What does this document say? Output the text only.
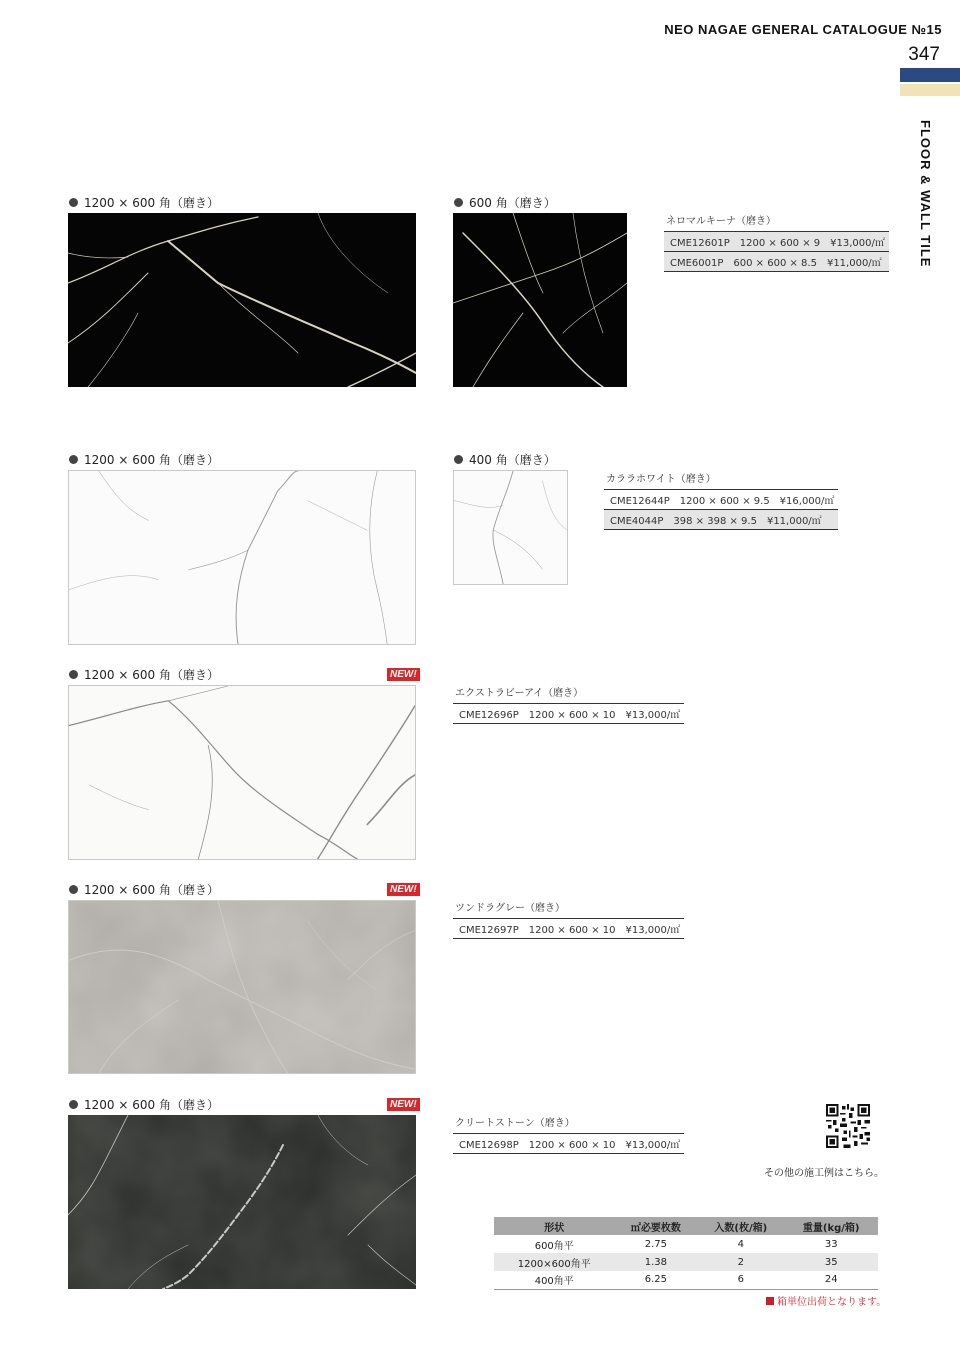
NEO NAGAE GENERAL CATALOGUE №15
347
FLOOR & WALL TILE
1200 × 600 角（磨き）	600 角（磨き）
ネロマルキーナ（磨き）
CME12601P　1200 × 600 × 9　¥13,000/㎡
CME6001P　600 × 600 × 8.5　¥11,000/㎡
1200 × 600 角（磨き）	400 角（磨き）
カララホワイト（磨き）
CME12644P　1200 × 600 × 9.5　¥16,000/㎡
CME4044P　398 × 398 × 9.5　¥11,000/㎡
1200 × 600 角（磨き）	NEW!
エクストラビーアイ（磨き）
CME12696P　1200 × 600 × 10　¥13,000/㎡
1200 × 600 角（磨き）	NEW!
ツンドラグレー（磨き）
CME12697P　1200 × 600 × 10　¥13,000/㎡
1200 × 600 角（磨き）	NEW!
クリートストーン（磨き）
CME12698P　1200 × 600 × 10　¥13,000/㎡
その他の施工例はこちら。
形状	㎡必要枚数	入数(枚/箱)	重量(kg/箱)
600角平	2.75	4	33
1200×600角平	1.38	2	35
400角平	6.25	6	24
箱単位出荷となります。
